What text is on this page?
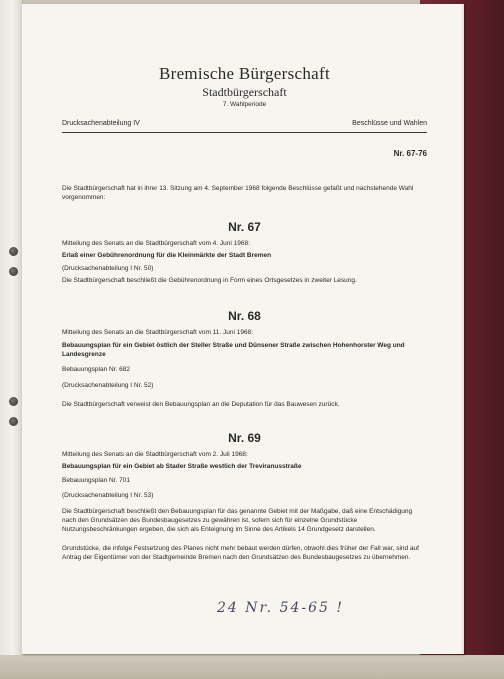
Bremische Bürgerschaft
Stadtbürgerschaft
7. Wahlperiode
Drucksachenabteilung IV	Beschlüsse und Wahlen
Nr. 67-76
Die Stadtbürgerschaft hat in ihrer 13. Sitzung am 4. September 1968 folgende Beschlüsse gefaßt und nachstehende Wahl vorgenommen:
Nr. 67
Mitteilung des Senats an die Stadtbürgerschaft vom 4. Juni 1968:
Erlaß einer Gebührenordnung für die Kleinmärkte der Stadt Bremen
(Drucksachenabteilung I Nr. 50)
Die Stadtbürgerschaft beschließt die Gebührenordnung in Form eines Ortsgesetzes in zweiter Lesung.
Nr. 68
Mitteilung des Senats an die Stadtbürgerschaft vom 11. Juni 1968:
Bebauungsplan für ein Gebiet östlich der Steller Straße und Dünsener Straße zwischen Hohenhorster Weg und Landesgrenze
Bebauungsplan Nr. 682
(Drucksachenabteilung I Nr. 52)
Die Stadtbürgerschaft verweist den Bebauungsplan an die Deputation für das Bauwesen zurück.
Nr. 69
Mitteilung des Senats an die Stadtbürgerschaft vom 2. Juli 1968:
Bebauungsplan für ein Gebiet ab Stader Straße westlich der Treviranusstraße
Bebauungsplan Nr. 701
(Drucksachenabteilung I Nr. 53)
Die Stadtbürgerschaft beschließt den Bebauungsplan für das genannte Gebiet mit der Maßgabe, daß eine Entschädigung nach den Grundsätzen des Bundesbaugesetzes zu gewähren ist, sofern sich für einzelne Grundstücke Nutzungsbeschränkungen ergeben, die sich als Enteignung im Sinne des Artikels 14 Grundgesetz darstellen.
Grundstücke, die infolge Festsetzung des Planes nicht mehr bebaut werden dürfen, obwohl dies früher der Fall war, sind auf Antrag der Eigentümer von der Stadtgemeinde Bremen nach den Grundsätzen des Bundesbaugesetzes zu übernehmen.
24 Nr. 54-65 !
